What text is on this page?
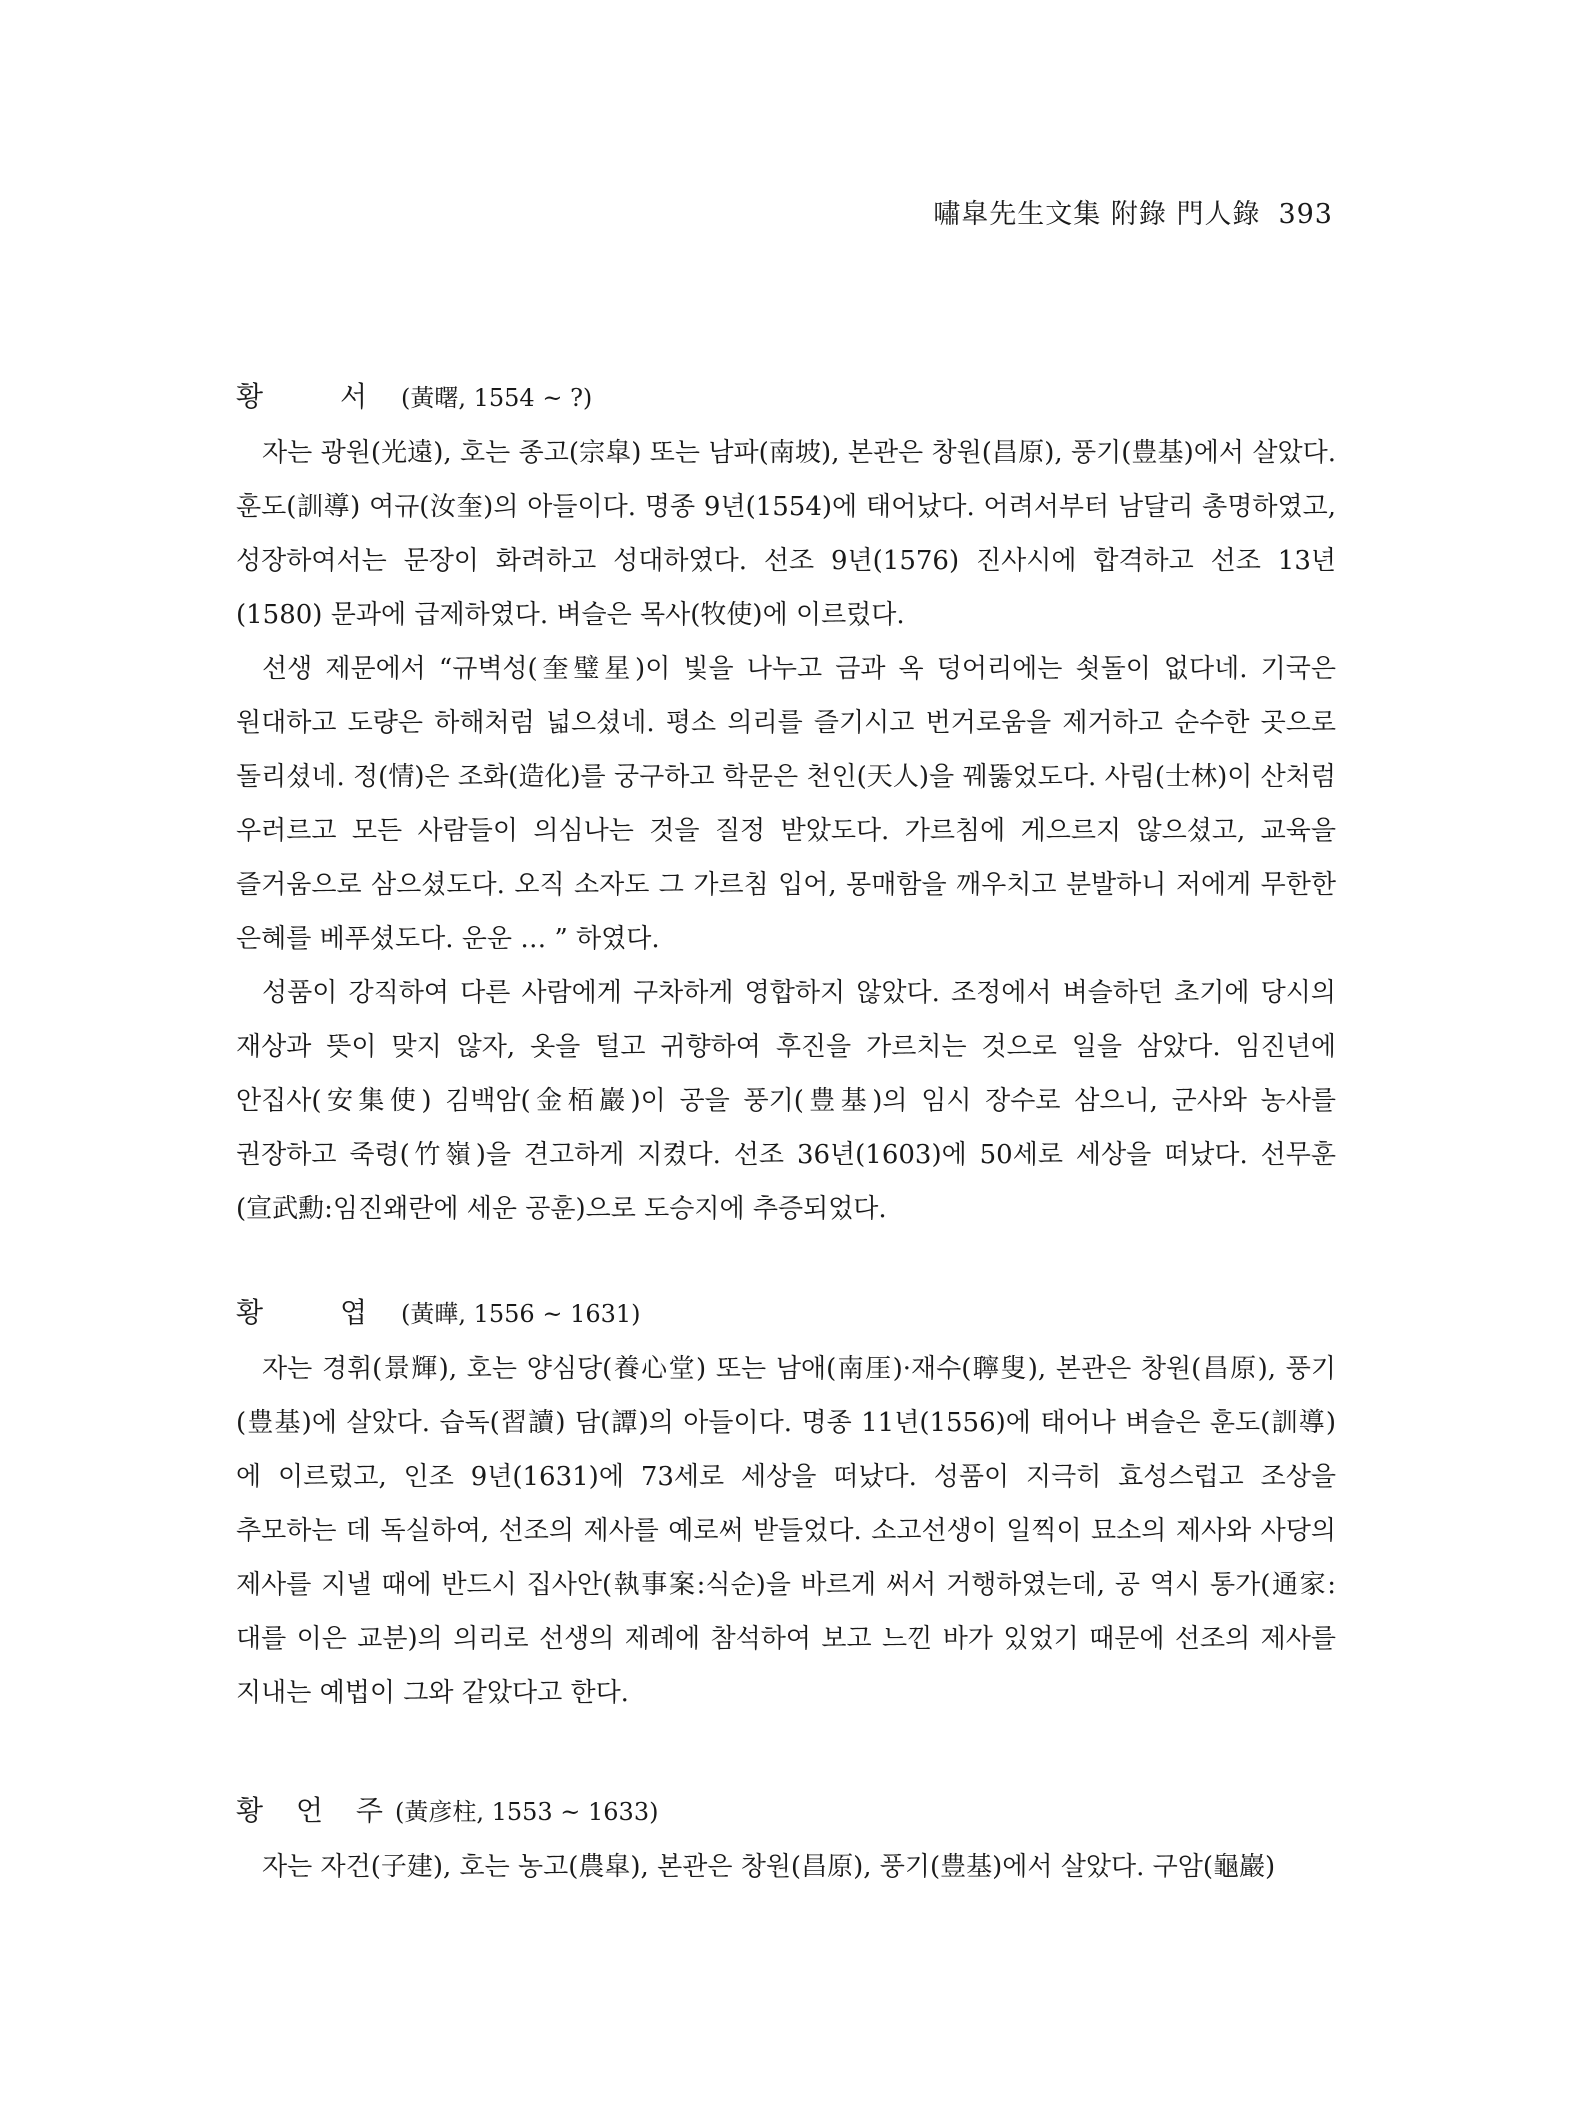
嘯皐先生文集 附錄 門人錄 393
황 서(黃曙, 1554 ~ ?)

자는 광원(光遠), 호는 종고(宗皐) 또는 남파(南坡), 본관은 창원(昌原), 풍기(豊基)에서 살았다. 훈도(訓導) 여규(汝奎)의 아들이다. 명종 9년(1554)에 태어났다. 어려서부터 남달리 총명하였고, 성장하여서는 문장이 화려하고 성대하였다. 선조 9년(1576) 진사시에 합격하고 선조 13년(1580) 문과에 급제하였다. 벼슬은 목사(牧使)에 이르렀다.

선생 제문에서 “규벽성(奎璧星)이 빛을 나누고 금과 옥 덩어리에는 쇳돌이 없다네. 기국은 원대하고 도량은 하해처럼 넓으셨네. 평소 의리를 즐기시고 번거로움을 제거하고 순수한 곳으로 돌리셨네. 정(情)은 조화(造化)를 궁구하고 학문은 천인(天人)을 꿰뚫었도다. 사림(士林)이 산처럼 우러르고 모든 사람들이 의심나는 것을 질정 받았도다. 가르침에 게으르지 않으셨고, 교육을 즐거움으로 삼으셨도다. 오직 소자도 그 가르침 입어, 몽매함을 깨우치고 분발하니 저에게 무한한 은혜를 베푸셨도다. 운운 … ” 하였다.

성품이 강직하여 다른 사람에게 구차하게 영합하지 않았다. 조정에서 벼슬하던 초기에 당시의 재상과 뜻이 맞지 않자, 옷을 털고 귀향하여 후진을 가르치는 것으로 일을 삼았다. 임진년에 안집사(安集使) 김백암(金栢巖)이 공을 풍기(豊基)의 임시 장수로 삼으니, 군사와 농사를 권장하고 죽령(竹嶺)을 견고하게 지켰다. 선조 36년(1603)에 50세로 세상을 떠났다. 선무훈(宣武勳:임진왜란에 세운 공훈)으로 도승지에 추증되었다.

황 엽(黃曄, 1556 ~ 1631)

자는 경휘(景輝), 호는 양심당(養心堂) 또는 남애(南厓)·재수(聹叟), 본관은 창원(昌原), 풍기(豊基)에 살았다. 습독(習讀) 담(譚)의 아들이다. 명종 11년(1556)에 태어나 벼슬은 훈도(訓導)에 이르렀고, 인조 9년(1631)에 73세로 세상을 떠났다. 성품이 지극히 효성스럽고 조상을 추모하는 데 독실하여, 선조의 제사를 예로써 받들었다. 소고선생이 일찍이 묘소의 제사와 사당의 제사를 지낼 때에 반드시 집사안(執事案:식순)을 바르게 써서 거행하였는데, 공 역시 통가(通家:대를 이은 교분)의 의리로 선생의 제례에 참석하여 보고 느낀 바가 있었기 때문에 선조의 제사를 지내는 예법이 그와 같았다고 한다.

황 언 주(黃彦柱, 1553 ~ 1633)

자는 자건(子建), 호는 농고(農皐), 본관은 창원(昌原), 풍기(豊基)에서 살았다. 구암(龜巖)
